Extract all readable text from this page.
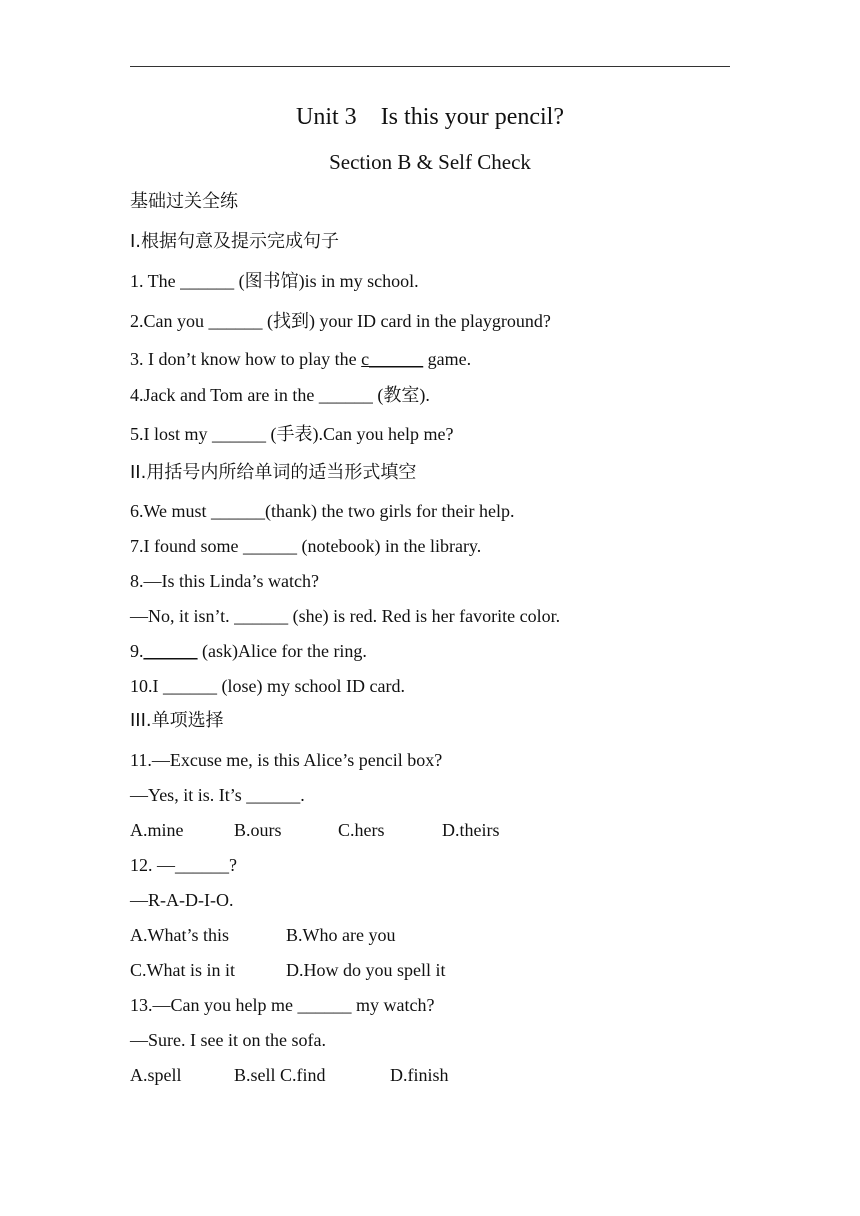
Unit 3 Is this your pencil?
Section B & Self Check
基础过关全练
I.根据句意及提示完成句子
1. The ______ (图书馆)is in my school.
2.Can you ______ (找到) your ID card in the playground?
3. I don’t know how to play the c______ game.
4.Jack and Tom are in the ______ (教室).
5.I lost my ______ (手表).Can you help me?
II.用括号内所给单词的适当形式填空
6.We must ______(thank) the two girls for their help.
7.I found some ______ (notebook) in the library.
8.—Is this Linda’s watch?
—No, it isn’t. ______ (she) is red. Red is her favorite color.
9.______ (ask)Alice for the ring.
10.I ______ (lose) my school ID card.
III.单项选择
11.—Excuse me, is this Alice’s pencil box?
—Yes, it is. It’s ______.
A.mine	B.ours	C.hers	D.theirs
12. —______?
—R-A-D-I-O.
A.What’s this	B.Who are you
C.What is in it	D.How do you spell it
13.—Can you help me ______ my watch?
—Sure. I see it on the sofa.
A.spell	B.sell C.find	D.finish
